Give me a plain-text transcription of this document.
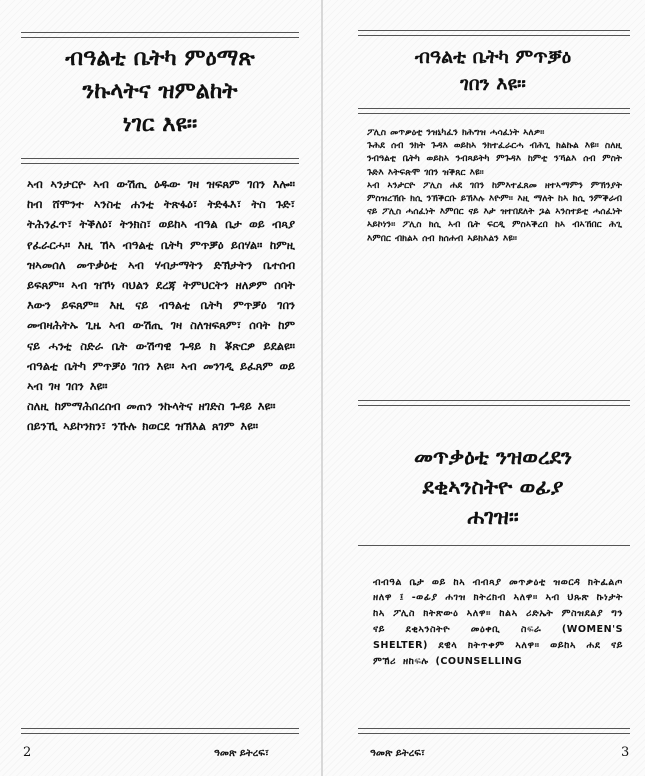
ብዓልቲ ቤትካ ምዕማጽ
ንኩላትና ዝምልከት
ነገር እዩ።

ኣብ ኣንታርዮ ኣብ ውሽጢ ዕዱው ገዛ ዝፍጸም ገበን እሎ። ከብ ሸሞንተ ኣንስቲ ሐንቲ ትጽፋዕ፣ ትድፋእ፣ ትስ ጉድ፣ ትሕንፈጥ፣ ትቕለዕ፣ ትንክስ፣ ወይከኣ ብዓል ቤታ ወይ ብጻያ የፈራርሓ። እዚ ኸኣ ብዓልቲ ቤትካ ምጥቓዕ ይበሃል። ከምዚ ዝኣመሰለ መጥቃዕቲ ኣብ ሃብታማትን ድኽታትን ቤተሰብ ይፍጸም። ኣብ ዝኾነ ባህልን ደረጃ ትምህርትን ዘለዎም ሰባት እውን ይፍጸም። እዚ ናይ ብዓልቲ ቤትካ ምጥቓዕ ገበን መብዛሕትኡ ጊዜ ኣብ ውሽጢ ገዛ ስለዝፍጸም፣ ሰባት ከም ናይ ሓንቲ ስድራ ቤት ውሽጣዊ ጉዳይ ክ ቖጽርዎ ይደልዩ። ብዓልቲ ቤትካ ምጥቓዕ ገበን እዩ። ኣብ መንገዲ ይፈጸም ወይ ኣብ ገዛ ገበን እዩ።

ስለዚ ከምማሕበረሰብ መጠን ንኩላትና ዘገድስ ጉዳይ እዩ።

በይንኺ ኣይኮንክን፣ ንኹሉ ክወርደ ዝኽእል ጸገም እዩ።

2	ዓመጽ ይትረፍ፣
ብዓልቲ ቤትካ ምጥቓዕ
ገበን እዩ።

ፖሊስ መጥቃዕቲ ንዝኒካፈን ክሕግዝ ሓሳፈነት ኣለዎ።

ጉሕደ ሰብ ንክት ጉዳእ ወይከኣ ንክተፈራርሓ ብሕጊ ክልኩል እዩ። ስለዚ ንብዓልቲ ቤትካ ወይከኣ ንብጻይትካ ምጉዳእ ከምቲ ንኻልእ ሰብ ምስት ጉድእ እትፍጽሞ ገበን ዝቕጸር እዩ።

ኣብ ኣንታርዮ ፖሊስ ሐደ ገበን ከምእተፈጸመ ዘተኣማምን ምኽንያት ምስዝረኽቡ ክሲ ንኽቕርቡ ይኽእሉ እዮም። እዚ ማለት ከኣ ክሲ ንምቕራብ ናይ ፖሊስ ሓሰፈነት እምበር ናይ እታ ዝተበደለት ጔል ኣንስተይቲ ሓሰፈነት ኣይኮነን። ፖሊስ ክሲ ኣብ ቤት ፍርዲ ምስኣቕረበ ከኣ ብኣኸበር ሕጊ እምበር ብክልኣ ሰብ ክሰሐብ ኣይክእልን እዩ።

መጥቃዕቲ ንዝወረደን
ደቂኣንስትዮ ወፊያ
ሐገዝ።

ብብዓል ቤታ ወይ ከኣ ብብጻያ መጥቃዕቲ ዝወርዳ ክትፈልጦ ዘለዋ ፤ -ወፊያ ሐገዝ ክትረክብ ኣለዋ። ኣብ ህጹጽ ኩነታት ከኣ ፖሊስ ክትጽውዕ ኣለዋ። ከልኣ ሪድኤት ምስዝደልያ ግን ናይ ደቂኣንስትዮ መዕቀቢ ስፍራ (WOMEN'S SHELTER) ደዊላ ክትጥቀም ኣለዋ። ወይከኣ ሐደ ናይ ምኽሪ ዘከፍሉ (COUNSELLING

ዓመጽ ይትረፍ፣	3
